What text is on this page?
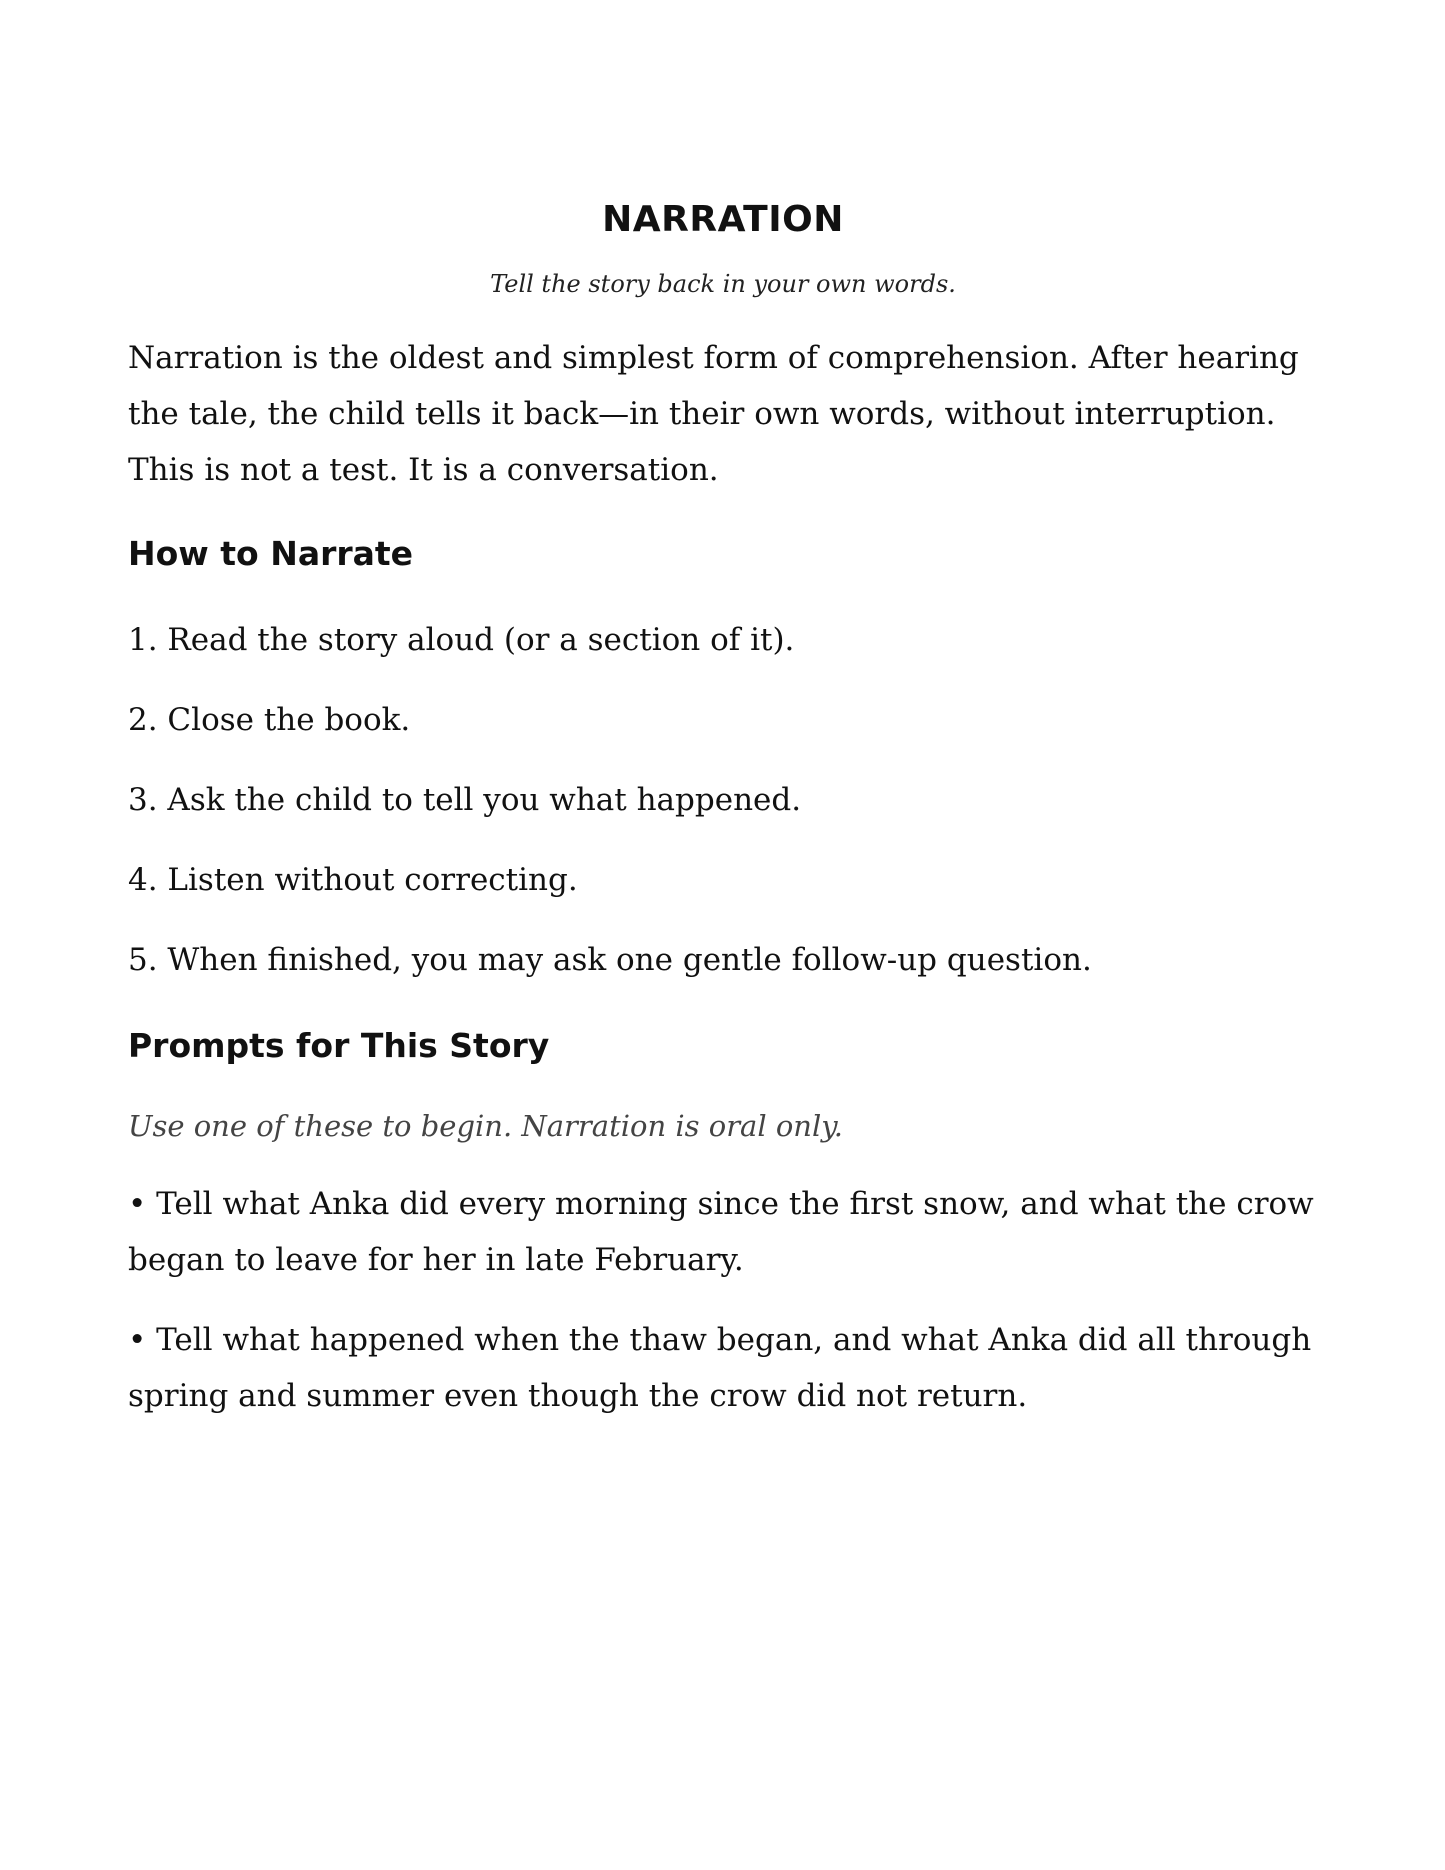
NARRATION
Tell the story back in your own words.

Narration is the oldest and simplest form of comprehension. After hearing the tale, the child tells it back—in their own words, without interruption. This is not a test. It is a conversation.

How to Narrate

1. Read the story aloud (or a section of it).

2. Close the book.

3. Ask the child to tell you what happened.

4. Listen without correcting.

5. When finished, you may ask one gentle follow-up question.

Prompts for This Story

Use one of these to begin. Narration is oral only.

• Tell what Anka did every morning since the first snow, and what the crow began to leave for her in late February.

• Tell what happened when the thaw began, and what Anka did all through spring and summer even though the crow did not return.
